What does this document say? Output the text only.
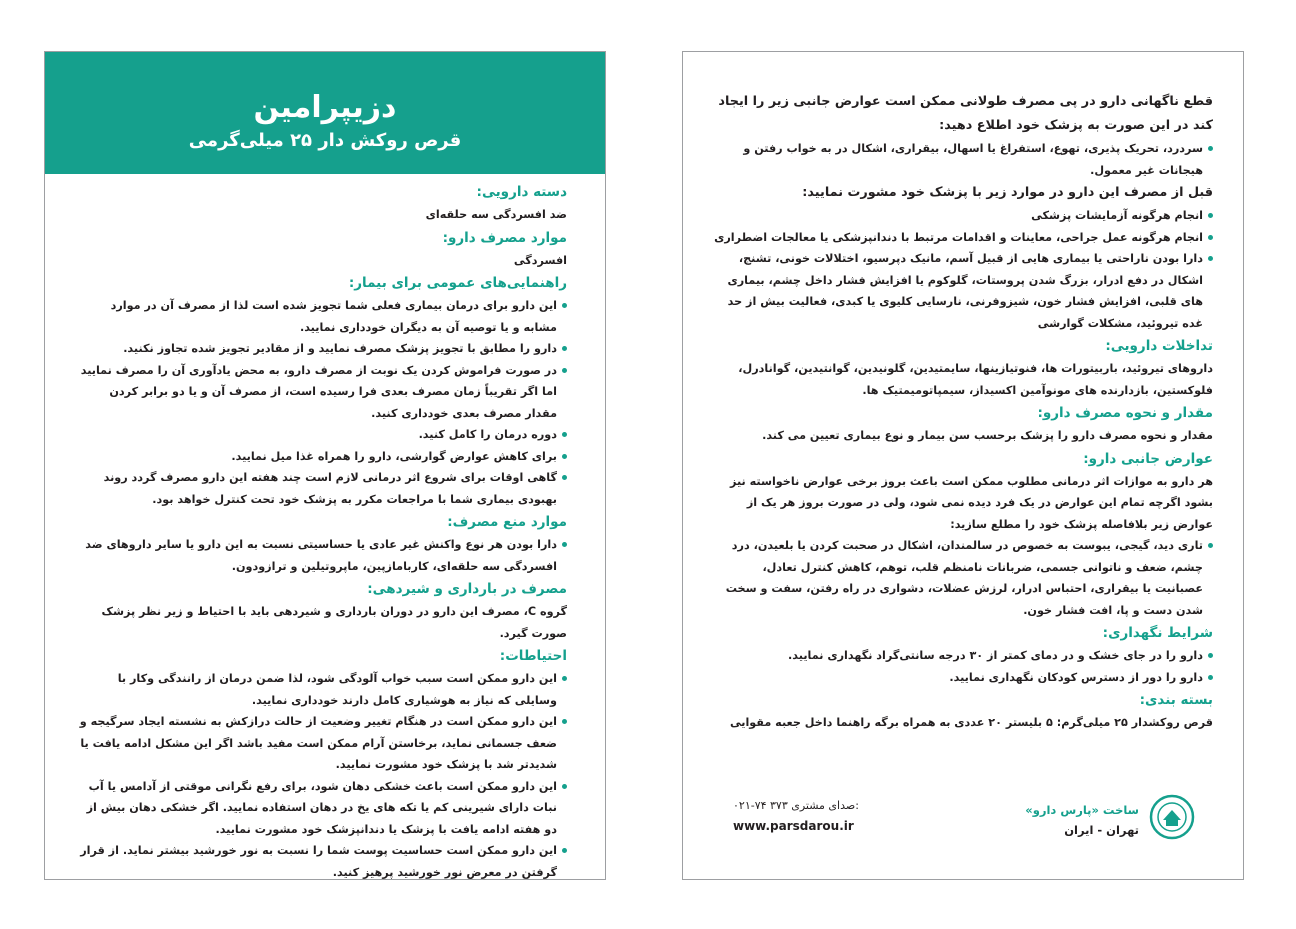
دزیپرامین
قرص روکش دار ۲۵ میلی‌گرمی
دسته دارویی:
ضد افسردگی سه حلقه‌ای
موارد مصرف دارو:
افسردگی
راهنمایی‌های عمومی برای بیمار:
این دارو برای درمان بیماری فعلی شما تجویز شده است لذا از مصرف آن در موارد مشابه و یا توصیه آن به دیگران خودداری نمایید.
دارو را مطابق با تجویز پزشک مصرف نمایید و از مقادیر تجویز شده تجاوز نکنید.
در صورت فراموش کردن یک نوبت از مصرف دارو، به محض یادآوری آن را مصرف نمایید اما اگر تقریباً زمان مصرف بعدی فرا رسیده است، از مصرف آن و یا دو برابر کردن مقدار مصرف بعدی خودداری کنید.
دوره درمان را کامل کنید.
برای کاهش عوارض گوارشی، دارو را همراه غذا میل نمایید.
گاهی اوقات برای شروع اثر درمانی لازم است چند هفته این دارو مصرف گردد روند بهبودی بیماری شما با مراجعات مکرر به پزشک خود تحت کنترل خواهد بود.
موارد منع مصرف:
دارا بودن هر نوع واکنش غیر عادی یا حساسیتی نسبت به این دارو یا سایر داروهای ضد افسردگی سه حلقه‌ای، کاربامازپین، ماپروتیلین و ترازودون.
مصرف در بارداری و شیردهی:
گروه C، مصرف این دارو در دوران بارداری و شیردهی باید با احتیاط و زیر نظر پزشک صورت گیرد.
احتیاطات:
این دارو ممکن است سبب خواب آلودگی شود، لذا ضمن درمان از رانندگی وکار با وسایلی که نیاز به هوشیاری کامل دارند خودداری نمایید.
این دارو ممکن است در هنگام تغییر وضعیت از حالت درازکش به نشسته ایجاد سرگیجه و ضعف جسمانی نماید، برخاستن آرام ممکن است مفید باشد اگر این مشکل ادامه یافت یا شدیدتر شد با پزشک خود مشورت نمایید.
این دارو ممکن است باعث خشکی دهان شود، برای رفع نگرانی موقتی از آدامس یا آب نبات دارای شیرینی کم یا تکه های یخ در دهان استفاده نمایید. اگر خشکی دهان بیش از دو هفته ادامه یافت با پزشک یا دندانپزشک خود مشورت نمایید.
این دارو ممکن است حساسیت پوست شما را نسبت به نور خورشید بیشتر نماید. از قرار گرفتن در معرض نور خورشید پرهیز کنید.
قطع ناگهانی دارو در پی مصرف طولانی ممکن است عوارض جانبی زیر را ایجاد کند در این صورت به پزشک خود اطلاع دهید:
سردرد، تحریک پذیری، تهوع، استفراغ یا اسهال، بیقراری، اشکال در به خواب رفتن و هیجانات غیر معمول.
قبل از مصرف این دارو در موارد زیر با پزشک خود مشورت نمایید:
انجام هرگونه آزمایشات پزشکی
انجام هرگونه عمل جراحی، معاینات و اقدامات مرتبط با دندانپزشکی یا معالجات اضطراری
دارا بودن ناراحتی یا بیماری هایی از قبیل آسم، مانیک دپرسیو، اختلالات خونی، تشنج، اشکال در دفع ادرار، بزرگ شدن پروستات، گلوکوم یا افزایش فشار داخل چشم، بیماری های قلبی، افزایش فشار خون، شیزوفرنی، نارسایی کلیوی یا کبدی، فعالیت بیش از حد غده تیروئید، مشکلات گوارشی
تداخلات دارویی:
داروهای تیروئید، باربیتورات ها، فنوتیازینها، سایمتیدین، گلونیدین، گوانتیدین، گوانادرل، فلوکستین، بازدارنده های مونوآمین اکسیداز، سیمپاتومیمتیک ها.
مقدار و نحوه مصرف دارو:
مقدار و نحوه مصرف دارو را پزشک برحسب سن بیمار و نوع بیماری تعیین می کند.
عوارض جانبی دارو:
هر دارو به موازات اثر درمانی مطلوب ممکن است باعث بروز برخی عوارض ناخواسته نیز بشود اگرچه تمام این عوارض در یک فرد دیده نمی شود، ولی در صورت بروز هر یک از عوارض زیر بلافاصله پزشک خود را مطلع سازید:
تاری دید، گیجی، یبوست به خصوص در سالمندان، اشکال در صحبت کردن یا بلعیدن، درد چشم، ضعف و ناتوانی جسمی، ضربانات نامنظم قلب، توهم، کاهش کنترل تعادل، عصبانیت یا بیقراری، احتباس ادرار، لرزش عضلات، دشواری در راه رفتن، سفت و سخت شدن دست و پا، افت فشار خون.
شرایط نگهداری:
دارو را در جای خشک و در دمای کمتر از ۳۰ درجه سانتی‌گراد نگهداری نمایید.
دارو را دور از دسترس کودکان نگهداری نمایید.
بسته بندی:
قرص روکشدار ۲۵ میلی‌گرم: ۵ بلیستر ۲۰ عددی به همراه برگه راهنما داخل جعبه مقوایی
ساخت «پارس دارو»
تهران - ایران
۰۲۱-۷۴ ۳۷۳ صدای مشتری:
www.parsdarou.ir
